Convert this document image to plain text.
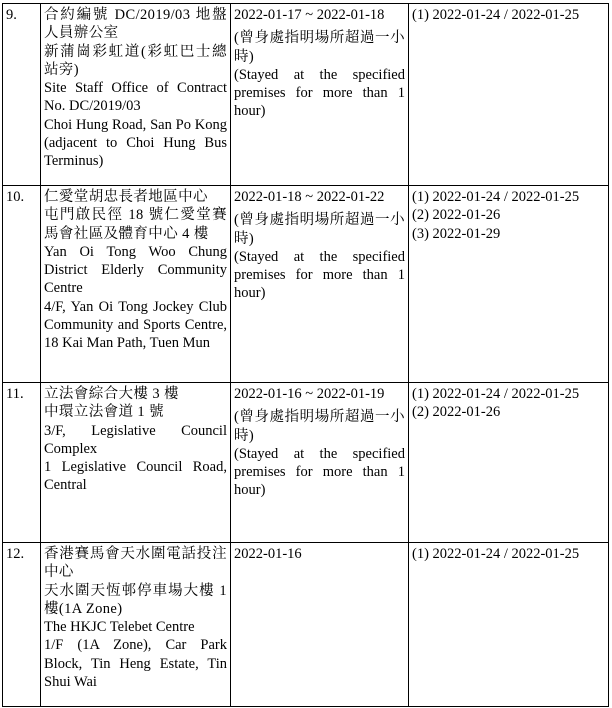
9.	合約編號 DC/2019/03 地盤人員辦公室
新蒲崗彩虹道(彩虹巴士總站旁)
Site Staff Office of Contract No. DC/2019/03
Choi Hung Road, San Po Kong (adjacent to Choi Hung Bus Terminus)	2022-01-17 ~ 2022-01-18
(曾身處指明場所超過一小時)
(Stayed at the specified premises for more than 1 hour)	(1) 2022-01-24 / 2022-01-25

10.	仁愛堂胡忠長者地區中心
屯門啟民徑 18 號仁愛堂賽馬會社區及體育中心 4 樓
Yan Oi Tong Woo Chung District Elderly Community Centre
4/F, Yan Oi Tong Jockey Club Community and Sports Centre, 18 Kai Man Path, Tuen Mun	2022-01-18 ~ 2022-01-22
(曾身處指明場所超過一小時)
(Stayed at the specified premises for more than 1 hour)	(1) 2022-01-24 / 2022-01-25
(2) 2022-01-26
(3) 2022-01-29

11.	立法會綜合大樓 3 樓
中環立法會道 1 號
3/F, Legislative Council Complex
1 Legislative Council Road, Central	2022-01-16 ~ 2022-01-19
(曾身處指明場所超過一小時)
(Stayed at the specified premises for more than 1 hour)	(1) 2022-01-24 / 2022-01-25
(2) 2022-01-26

12.	香港賽馬會天水圍電話投注中心
天水圍天恆邨停車場大樓 1 樓(1A Zone)
The HKJC Telebet Centre
1/F (1A Zone), Car Park Block, Tin Heng Estate, Tin Shui Wai	2022-01-16	(1) 2022-01-24 / 2022-01-25
